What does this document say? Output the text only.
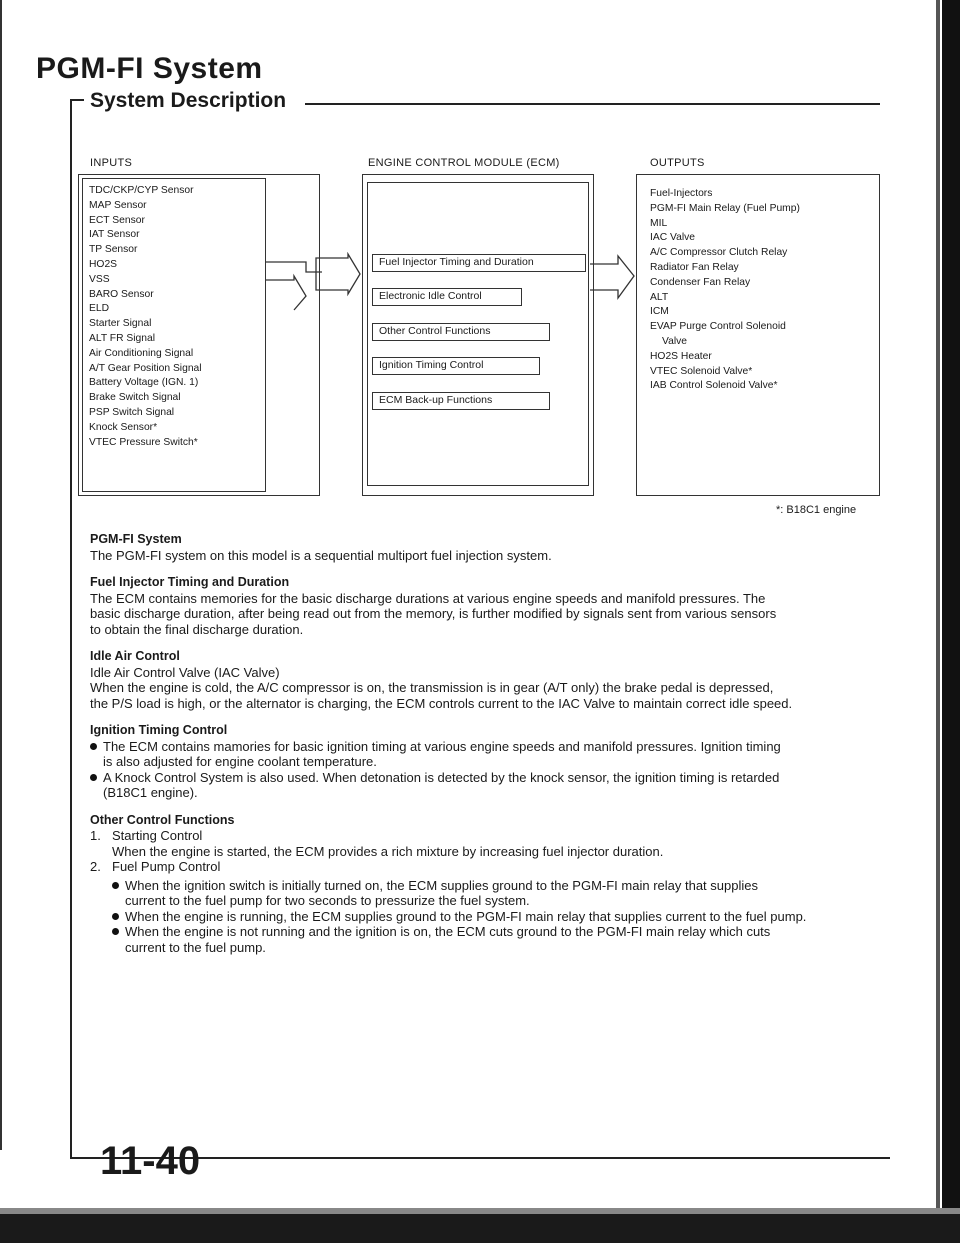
PGM-FI System
System Description
INPUTS	ENGINE CONTROL MODULE (ECM)	OUTPUTS
TDC/CKP/CYP Sensor
MAP Sensor
ECT Sensor
IAT Sensor
TP Sensor
HO2S
VSS
BARO Sensor
ELD
Starter Signal
ALT FR Signal
Air Conditioning Signal
A/T Gear Position Signal
Battery Voltage (IGN. 1)
Brake Switch Signal
PSP Switch Signal
Knock Sensor*
VTEC Pressure Switch*
Fuel Injector Timing and Duration
Electronic Idle Control
Other Control Functions
Ignition Timing Control
ECM Back-up Functions
Fuel-Injectors
PGM-FI Main Relay (Fuel Pump)
MIL
IAC Valve
A/C Compressor Clutch Relay
Radiator Fan Relay
Condenser Fan Relay
ALT
ICM
EVAP Purge Control Solenoid
Valve
HO2S Heater
VTEC Solenoid Valve*
IAB Control Solenoid Valve*
*: B18C1 engine
PGM-FI System
The PGM-FI system on this model is a sequential multiport fuel injection system.
Fuel Injector Timing and Duration
The ECM contains memories for the basic discharge durations at various engine speeds and manifold pressures. The
basic discharge duration, after being read out from the memory, is further modified by signals sent from various sensors
to obtain the final discharge duration.
Idle Air Control
Idle Air Control Valve (IAC Valve)
When the engine is cold, the A/C compressor is on, the transmission is in gear (A/T only) the brake pedal is depressed,
the P/S load is high, or the alternator is charging, the ECM controls current to the IAC Valve to maintain correct idle speed.
Ignition Timing Control
The ECM contains mamories for basic ignition timing at various engine speeds and manifold pressures. Ignition timing
is also adjusted for engine coolant temperature.
A Knock Control System is also used. When detonation is detected by the knock sensor, the ignition timing is retarded
(B18C1 engine).
Other Control Functions
1. Starting Control
When the engine is started, the ECM provides a rich mixture by increasing fuel injector duration.
2. Fuel Pump Control
When the ignition switch is initially turned on, the ECM supplies ground to the PGM-FI main relay that supplies
current to the fuel pump for two seconds to pressurize the fuel system.
When the engine is running, the ECM supplies ground to the PGM-FI main relay that supplies current to the fuel pump.
When the engine is not running and the ignition is on, the ECM cuts ground to the PGM-FI main relay which cuts
current to the fuel pump.
11-40
